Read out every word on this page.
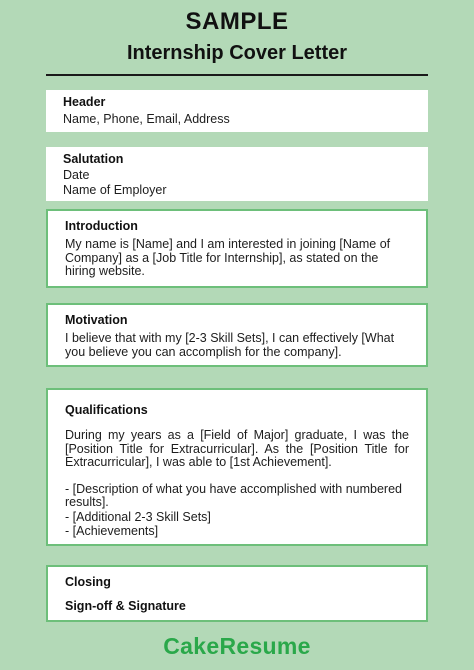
SAMPLE
Internship Cover Letter
Header
Name, Phone, Email, Address
Salutation
Date
Name of Employer
Introduction
My name is [Name] and I am interested in joining [Name of Company] as a [Job Title for Internship], as stated on the hiring website.
Motivation
I believe that with my [2-3 Skill Sets], I can effectively [What you believe you can accomplish for the company].
Qualifications
During my years as a [Field of Major] graduate, I was the [Position Title for Extracurricular]. As the [Position Title for Extracurricular], I was able to [1st Achievement].
- [Description of what you have accomplished with numbered results].
- [Additional 2-3 Skill Sets]
- [Achievements]
Closing
Sign-off & Signature
CakeResume
